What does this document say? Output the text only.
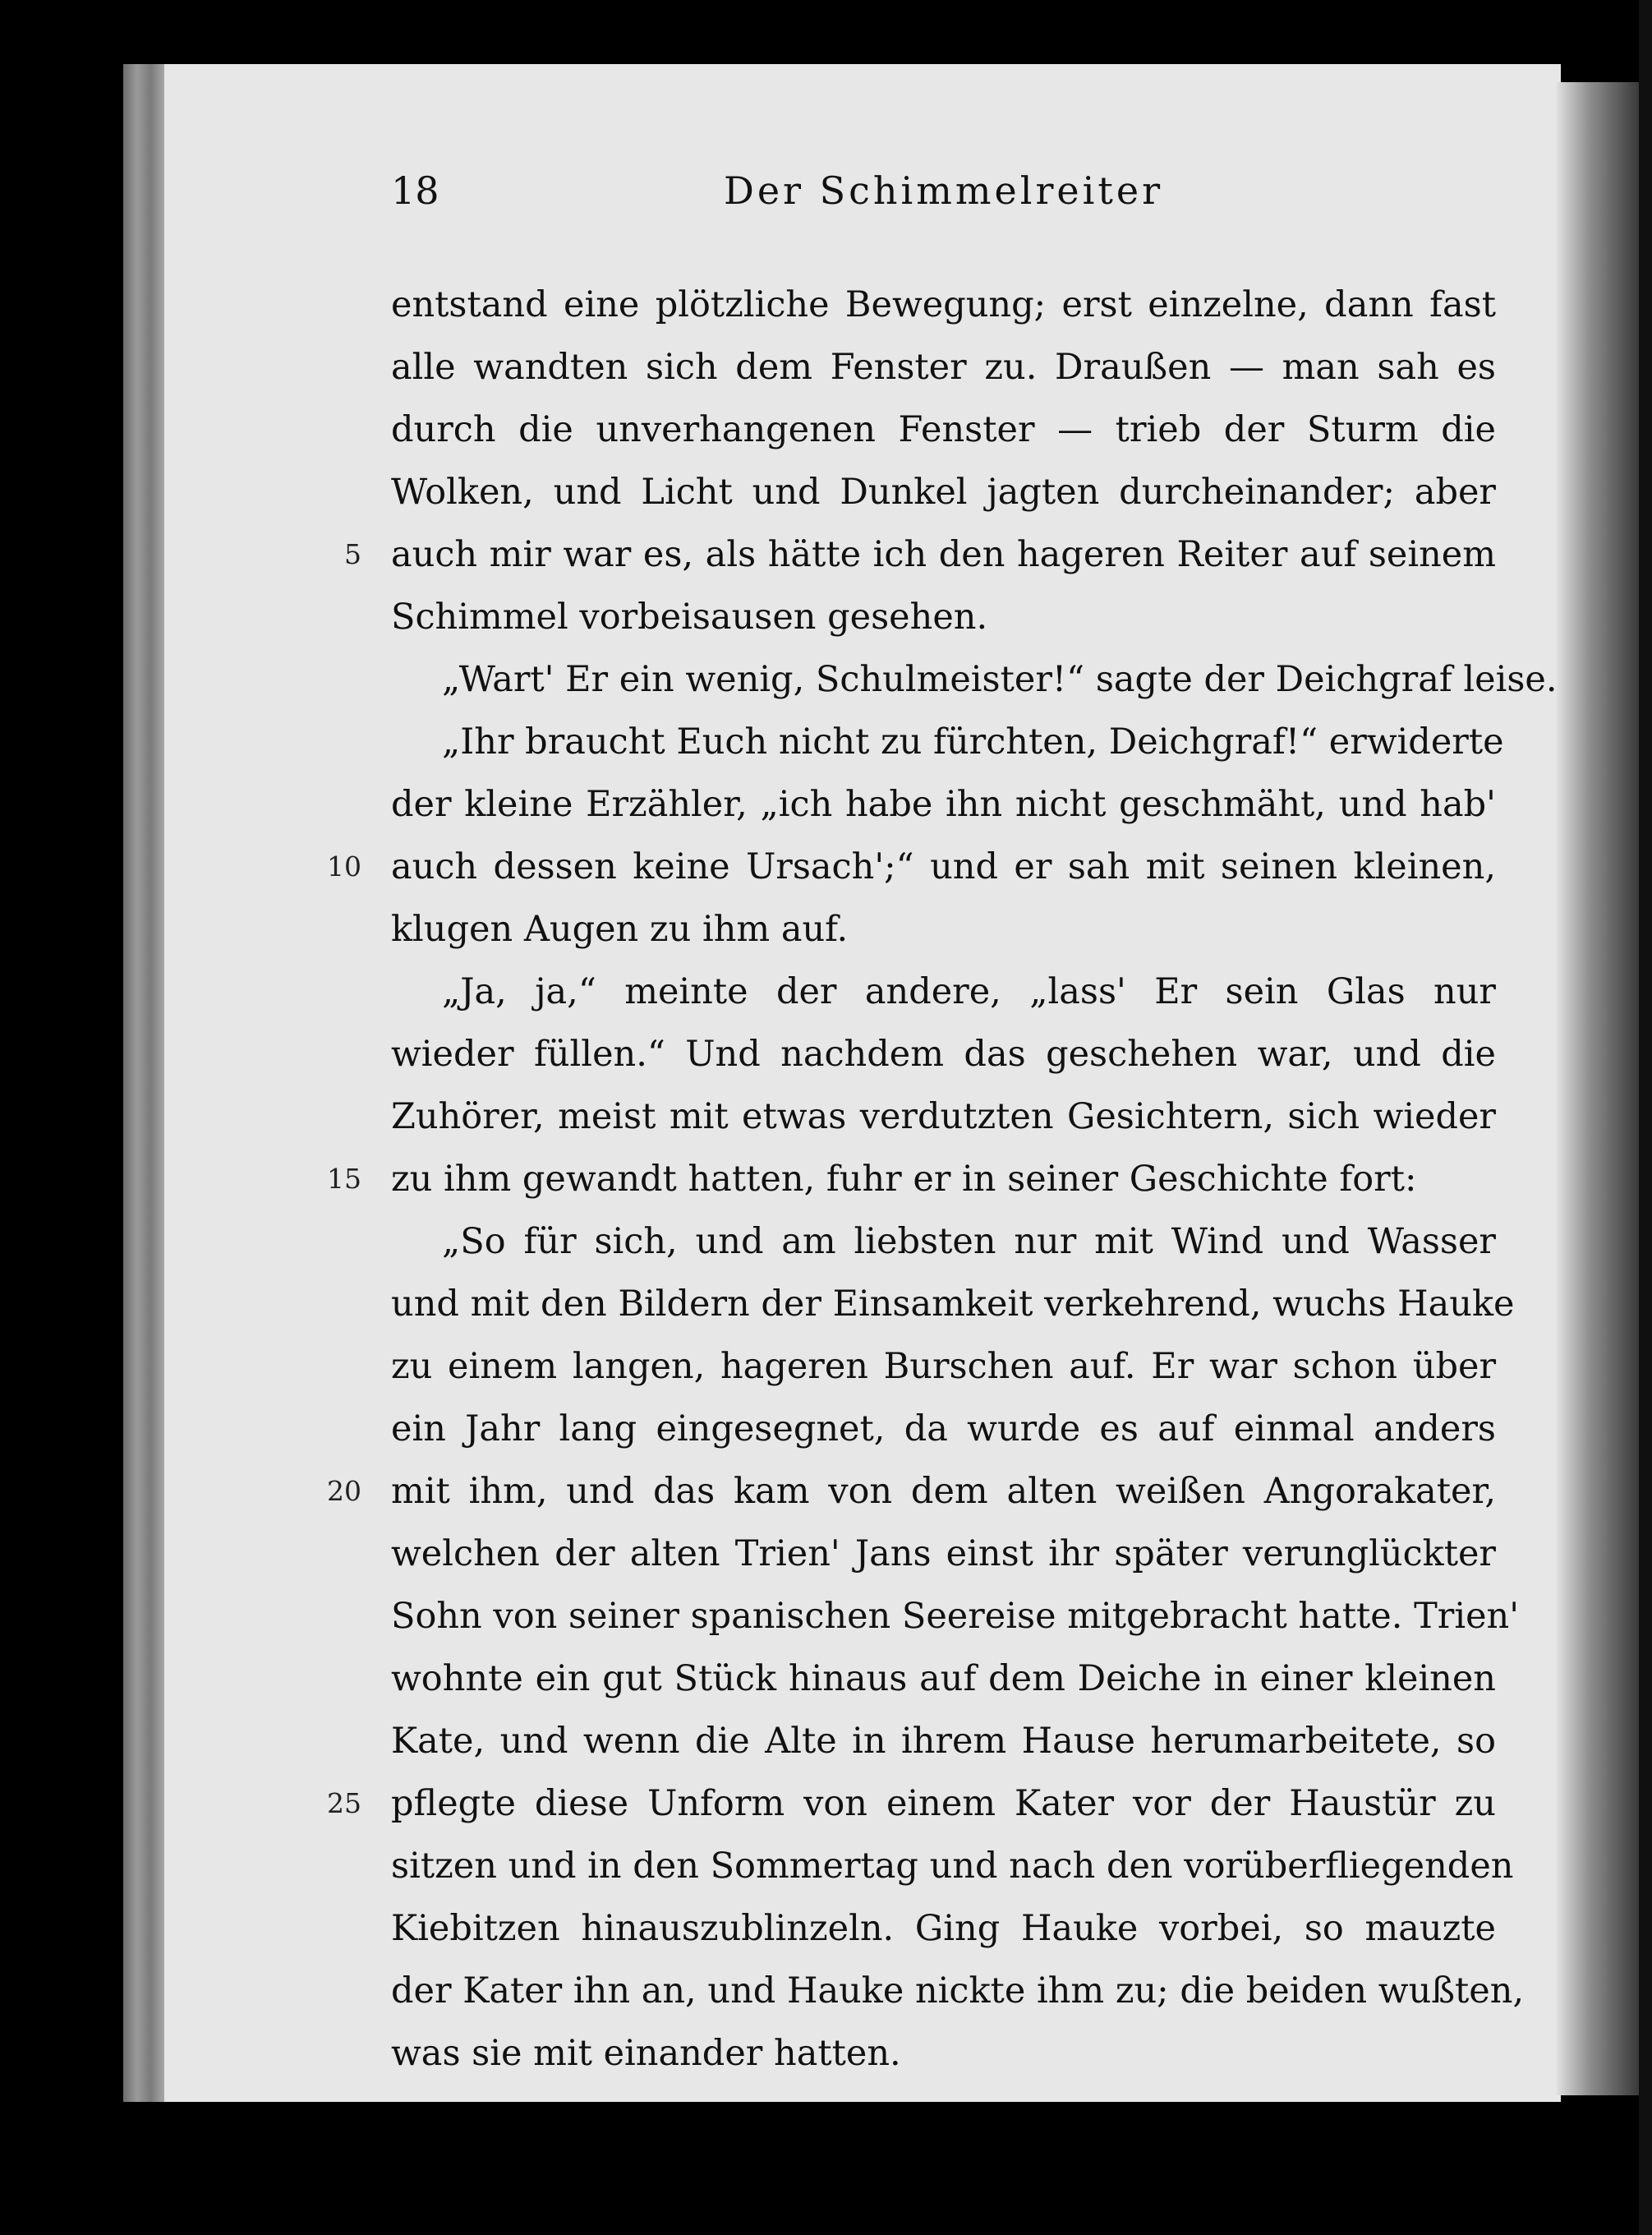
18	Der Schimmelreiter
entstand eine plötzliche Bewegung; erst einzelne, dann fast
alle wandten sich dem Fenster zu. Draußen — man sah es
durch die unverhangenen Fenster — trieb der Sturm die
Wolken, und Licht und Dunkel jagten durcheinander; aber
5 auch mir war es, als hätte ich den hageren Reiter auf seinem
Schimmel vorbeisausen gesehen.
„Wart' Er ein wenig, Schulmeister!“ sagte der Deichgraf leise.
„Ihr braucht Euch nicht zu fürchten, Deichgraf!“ erwiderte
der kleine Erzähler, „ich habe ihn nicht geschmäht, und hab'
10 auch dessen keine Ursach';“ und er sah mit seinen kleinen,
klugen Augen zu ihm auf.
„Ja, ja,“ meinte der andere, „lass' Er sein Glas nur
wieder füllen.“ Und nachdem das geschehen war, und die
Zuhörer, meist mit etwas verdutzten Gesichtern, sich wieder
15 zu ihm gewandt hatten, fuhr er in seiner Geschichte fort:
„So für sich, und am liebsten nur mit Wind und Wasser
und mit den Bildern der Einsamkeit verkehrend, wuchs Hauke
zu einem langen, hageren Burschen auf. Er war schon über
ein Jahr lang eingesegnet, da wurde es auf einmal anders
20 mit ihm, und das kam von dem alten weißen Angorakater,
welchen der alten Trien' Jans einst ihr später verunglückter
Sohn von seiner spanischen Seereise mitgebracht hatte. Trien'
wohnte ein gut Stück hinaus auf dem Deiche in einer kleinen
Kate, und wenn die Alte in ihrem Hause herumarbeitete, so
25 pflegte diese Unform von einem Kater vor der Haustür zu
sitzen und in den Sommertag und nach den vorüberfliegenden
Kiebitzen hinauszublinzeln. Ging Hauke vorbei, so mauzte
der Kater ihn an, und Hauke nickte ihm zu; die beiden wußten,
was sie mit einander hatten.
